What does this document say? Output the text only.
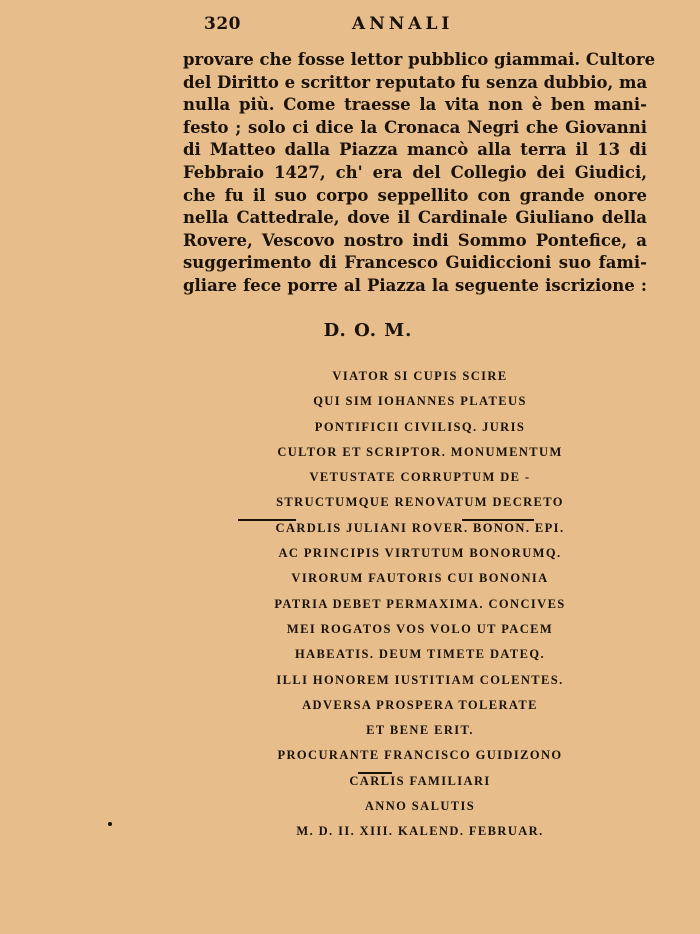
320	ANNALI
provare che fosse lettor pubblico giammai. Cultore
del Diritto e scrittor reputato fu senza dubbio, ma
nulla più. Come traesse la vita non è ben mani-
festo ; solo ci dice la Cronaca Negri che Giovanni
di Matteo dalla Piazza mancò alla terra il 13 di
Febbraio 1427, ch' era del Collegio dei Giudici,
che fu il suo corpo seppellito con grande onore
nella Cattedrale, dove il Cardinale Giuliano della
Rovere, Vescovo nostro indi Sommo Pontefice, a
suggerimento di Francesco Guidiccioni suo fami-
gliare fece porre al Piazza la seguente iscrizione :
D. O. M.
VIATOR SI CUPIS SCIRE
QUI SIM IOHANNES PLATEUS
PONTIFICII CIVILISQ. JURIS
CULTOR ET SCRIPTOR. MONUMENTUM
VETUSTATE CORRUPTUM DE -
STRUCTUMQUE RENOVATUM DECRETO
CARDLIS JULIANI ROVER. BONON. EPI.
AC PRINCIPIS VIRTUTUM BONORUMQ.
VIRORUM FAUTORIS CUI BONONIA
PATRIA DEBET PERMAXIMA. CONCIVES
MEI ROGATOS VOS VOLO UT PACEM
HABEATIS. DEUM TIMETE DATEQ.
ILLI HONOREM IUSTITIAM COLENTES.
ADVERSA PROSPERA TOLERATE
ET BENE ERIT.
PROCURANTE FRANCISCO GUIDIZONO
CARLIS FAMILIARI
ANNO SALUTIS
M. D. II. XIII. KALEND. FEBRUAR.
